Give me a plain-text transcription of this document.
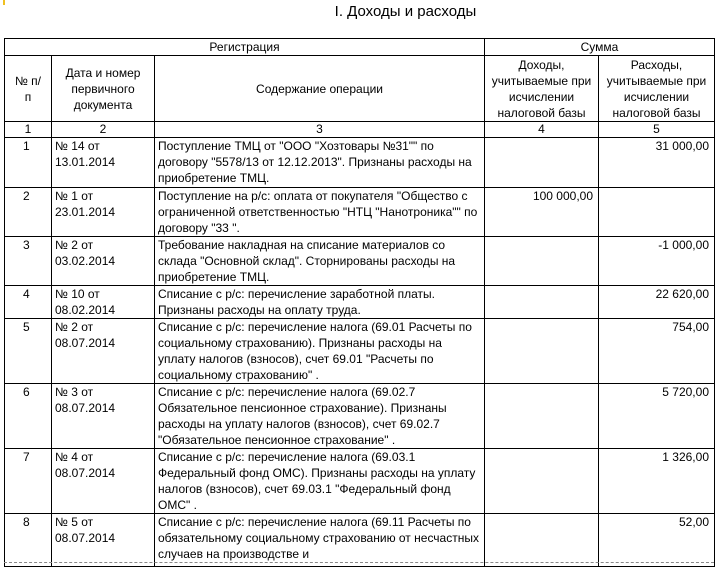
I. Доходы и расходы
Регистрация			Сумма	
№ п/п	Дата и номер первичного документа	Содержание операции	Доходы, учитываемые при исчислении налоговой базы	Расходы, учитываемые при исчислении налоговой базы
1	2	3	4	5
1	№ 14 от 13.01.2014	Поступление ТМЦ от "ООО "Хозтовары №31"" по договору "5578/13 от 12.12.2013". Признаны расходы на приобретение ТМЦ.		31 000,00
2	№ 1 от 23.01.2014	Поступление на р/с: оплата от покупателя "Общество с ограниченной ответственностью "НТЦ "Нанотроника"" по договору "33 ".	100 000,00	
3	№ 2 от 03.02.2014	Требование накладная на списание материалов со склада "Основной склад". Сторнированы расходы на приобретение ТМЦ.		-1 000,00
4	№ 10 от 08.02.2014	Списание с р/с: перечисление заработной платы. Признаны расходы на оплату труда.		22 620,00
5	№ 2 от 08.07.2014	Списание с р/с: перечисление налога (69.01 Расчеты по социальному страхованию). Признаны расходы на уплату налогов (взносов), счет 69.01 "Расчеты по социальному страхованию" .		754,00
6	№ 3 от 08.07.2014	Списание с р/с: перечисление налога (69.02.7 Обязательное пенсионное страхование). Признаны расходы на уплату налогов (взносов), счет 69.02.7 "Обязательное пенсионное страхование" .		5 720,00
7	№ 4 от 08.07.2014	Списание с р/с: перечисление налога (69.03.1 Федеральный фонд ОМС). Признаны расходы на уплату налогов (взносов), счет 69.03.1 "Федеральный фонд ОМС" .		1 326,00
8	№ 5 от 08.07.2014	Списание с р/с: перечисление налога (69.11 Расчеты по обязательному социальному страхованию от несчастных случаев на производстве и		52,00
